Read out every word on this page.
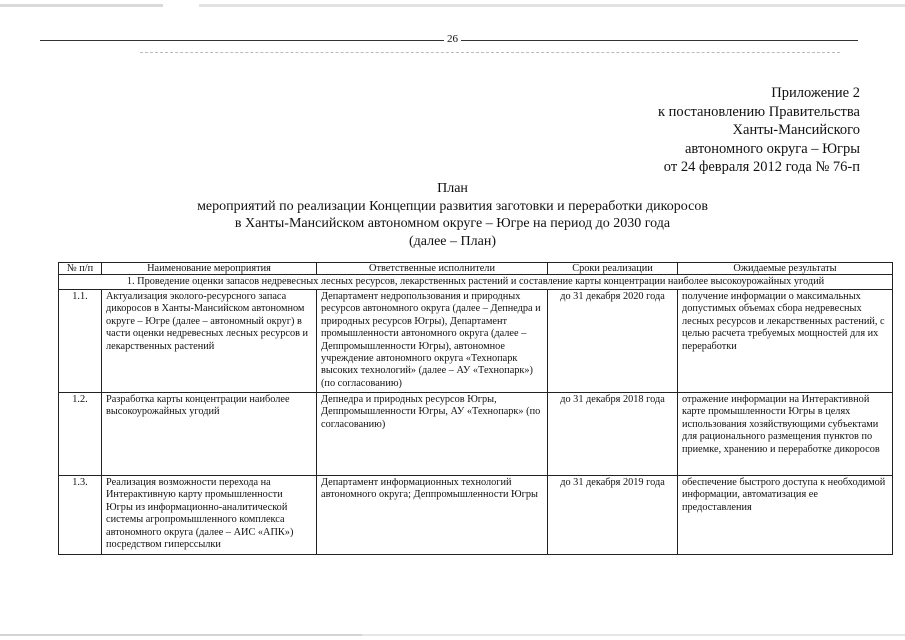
26
Приложение 2
к постановлению Правительства
Ханты-Мансийского
автономного округа – Югры
от 24 февраля 2012 года № 76-п
План
мероприятий по реализации Концепции развития заготовки и переработки дикоросов
в Ханты-Мансийском автономном округе – Югре на период до 2030 года
(далее – План)
№ п/п	Наименование мероприятия	Ответственные исполнители	Сроки реализации	Ожидаемые результаты
1. Проведение оценки запасов недревесных лесных ресурсов, лекарственных растений и составление карты концентрации наиболее высокоурожайных угодий				
1.1.	Актуализация эколого-ресурсного запаса дикоросов в Ханты-Мансийском автономном округе – Югре (далее – автономный округ) в части оценки недревесных лесных ресурсов и лекарственных растений	Департамент недропользования и природных ресурсов автономного округа (далее – Депнедра и природных ресурсов Югры), Департамент промышленности автономного округа (далее – Деппромышленности Югры), автономное учреждение автономного округа «Технопарк высоких технологий» (далее – АУ «Технопарк») (по согласованию)	до 31 декабря 2020 года	получение информации о максимальных допустимых объемах сбора недревесных лесных ресурсов и лекарственных растений, с целью расчета требуемых мощностей для их переработки
1.2.	Разработка карты концентрации наиболее высокоурожайных угодий	Депнедра и природных ресурсов Югры, Деппромышленности Югры, АУ «Технопарк» (по согласованию)	до 31 декабря 2018 года	отражение информации на Интерактивной карте промышленности Югры в целях использования хозяйствующими субъектами для рационального размещения пунктов по приемке, хранению и переработке дикоросов
1.3.	Реализация возможности перехода на Интерактивную карту промышленности Югры из информационно-аналитической системы агропромышленного комплекса автономного округа (далее – АИС «АПК») посредством гиперссылки	Департамент информационных технологий автономного округа; Деппромышленности Югры	до 31 декабря 2019 года	обеспечение быстрого доступа к необходимой информации, автоматизация ее предоставления
